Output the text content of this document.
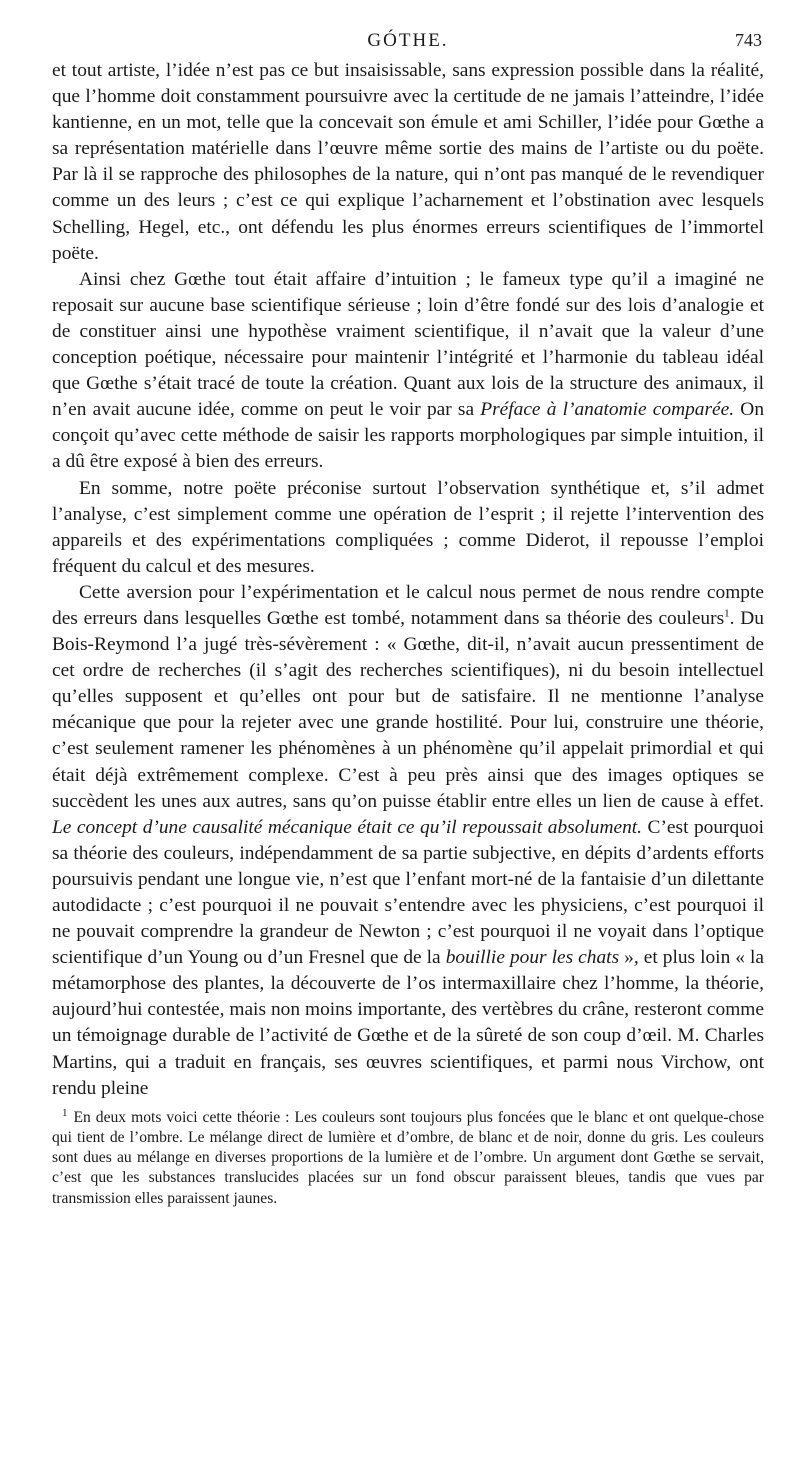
GÓTHE.	743

et tout artiste, l’idée n’est pas ce but insaisissable, sans expression possible dans la réalité, que l’homme doit constamment poursuivre avec la certitude de ne jamais l’atteindre, l’idée kantienne, en un mot, telle que la concevait son émule et ami Schiller, l’idée pour Gœthe a sa représentation matérielle dans l’œuvre même sortie des mains de l’artiste ou du poëte. Par là il se rapproche des philosophes de la nature, qui n’ont pas manqué de le revendiquer comme un des leurs ; c’est ce qui explique l’acharnement et l’obstination avec lesquels Schelling, Hegel, etc., ont défendu les plus énormes erreurs scientifiques de l’immortel poëte.

Ainsi chez Gœthe tout était affaire d’intuition ; le fameux type qu’il a imaginé ne reposait sur aucune base scientifique sérieuse ; loin d’être fondé sur des lois d’analogie et de constituer ainsi une hypothèse vraiment scientifique, il n’avait que la valeur d’une conception poétique, nécessaire pour maintenir l’intégrité et l’harmonie du tableau idéal que Gœthe s’était tracé de toute la création. Quant aux lois de la structure des animaux, il n’en avait aucune idée, comme on peut le voir par sa Préface à l’anatomie comparée. On conçoit qu’avec cette méthode de saisir les rapports morphologiques par simple intuition, il a dû être exposé à bien des erreurs.

En somme, notre poëte préconise surtout l’observation synthétique et, s’il admet l’analyse, c’est simplement comme une opération de l’esprit ; il rejette l’intervention des appareils et des expérimentations compliquées ; comme Diderot, il repousse l’emploi fréquent du calcul et des mesures.

Cette aversion pour l’expérimentation et le calcul nous permet de nous rendre compte des erreurs dans lesquelles Gœthe est tombé, notamment dans sa théorie des couleurs$^1$. Du Bois-Reymond l’a jugé très-sévèrement : « Gœthe, dit-il, n’avait aucun pressentiment de cet ordre de recherches (il s’agit des recherches scientifiques), ni du besoin intellectuel qu’elles supposent et qu’elles ont pour but de satisfaire. Il ne mentionne l’analyse mécanique que pour la rejeter avec une grande hostilité. Pour lui, construire une théorie, c’est seulement ramener les phénomènes à un phénomène qu’il appelait primordial et qui était déjà extrêmement complexe. C’est à peu près ainsi que des images optiques se succèdent les unes aux autres, sans qu’on puisse établir entre elles un lien de cause à effet. Le concept d’une causalité mécanique était ce qu’il repoussait absolument. C’est pourquoi sa théorie des couleurs, indépendamment de sa partie subjective, en dépits d’ardents efforts poursuivis pendant une longue vie, n’est que l’enfant mort-né de la fantaisie d’un dilettante autodidacte ; c’est pourquoi il ne pouvait s’entendre avec les physiciens, c’est pourquoi il ne pouvait comprendre la grandeur de Newton ; c’est pourquoi il ne voyait dans l’optique scientifique d’un Young ou d’un Fresnel que de la bouillie pour les chats », et plus loin « la métamorphose des plantes, la découverte de l’os intermaxillaire chez l’homme, la théorie, aujourd’hui contestée, mais non moins importante, des vertèbres du crâne, resteront comme un témoignage durable de l’activité de Gœthe et de la sûreté de son coup d’œil. M. Charles Martins, qui a traduit en français, ses œuvres scientifiques, et parmi nous Virchow, ont rendu pleine

$^1$ En deux mots voici cette théorie : Les couleurs sont toujours plus foncées que le blanc et ont quelque-chose qui tient de l’ombre. Le mélange direct de lumière et d’ombre, de blanc et de noir, donne du gris. Les couleurs sont dues au mélange en diverses proportions de la lumière et de l’ombre. Un argument dont Gœthe se servait, c’est que les substances translucides placées sur un fond obscur paraissent bleues, tandis que vues par transmission elles paraissent jaunes.
